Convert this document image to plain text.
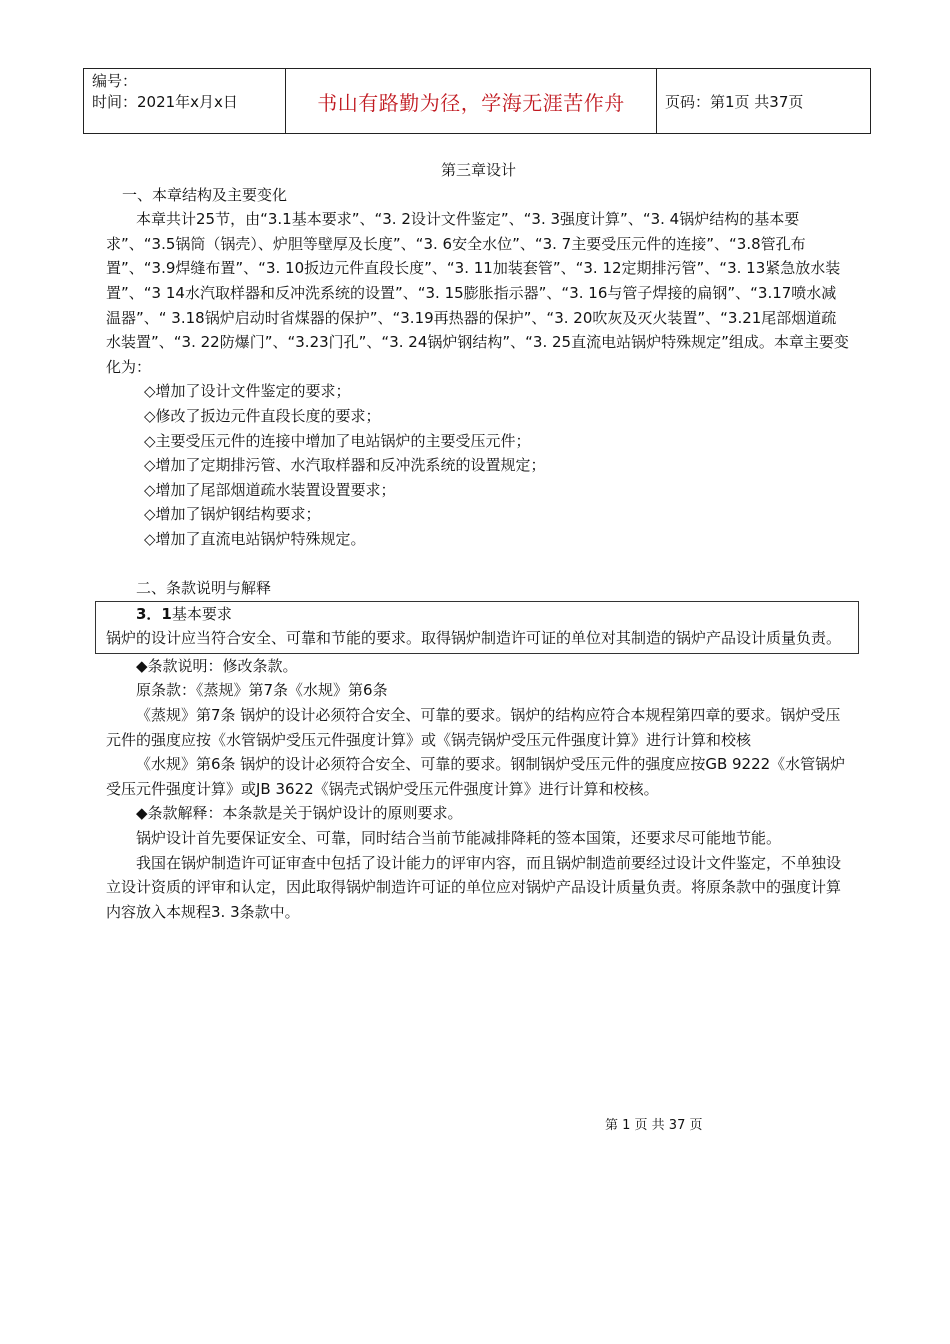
编号：
时间：2021年x月x日	书山有路勤为径，学海无涯苦作舟	页码：第1页 共37页

第三章设计

一、本章结构及主要变化

本章共计25节，由“3.1基本要求”、“3. 2设计文件鉴定”、“3. 3强度计算”、“3. 4锅炉结构的基本要求”、“3.5锅筒（锅壳）、炉胆等壁厚及长度”、“3. 6安全水位”、“3. 7主要受压元件的连接”、“3.8管孔布置”、“3.9焊缝布置”、“3. 10扳边元件直段长度”、“3. 11加装套管”、“3. 12定期排污管”、“3. 13紧急放水装置”、“3 14水汽取样器和反冲洗系统的设置”、“3. 15膨胀指示器”、“3. 16与管子焊接的扁钢”、“3.17喷水减温器”、“ 3.18锅炉启动时省煤器的保护”、“3.19再热器的保护”、“3. 20吹灰及灭火装置”、“3.21尾部烟道疏水装置”、“3. 22防爆门”、“3.23门孔”、“3. 24锅炉钢结构”、“3. 25直流电站锅炉特殊规定”组成。本章主要变化为：

◇增加了设计文件鉴定的要求；

◇修改了扳边元件直段长度的要求；

◇主要受压元件的连接中增加了电站锅炉的主要受压元件；

◇增加了定期排污管、水汽取样器和反冲洗系统的设置规定；

◇增加了尾部烟道疏水装置设置要求；

◇增加了锅炉钢结构要求；

◇增加了直流电站锅炉特殊规定。

二、条款说明与解释

3．1基本要求

锅炉的设计应当符合安全、可靠和节能的要求。取得锅炉制造许可证的单位对其制造的锅炉产品设计质量负责。

◆条款说明：修改条款。

原条款：《蒸规》第7条《水规》第6条

《蒸规》第7条 锅炉的设计必须符合安全、可靠的要求。锅炉的结构应符合本规程第四章的要求。锅炉受压元件的强度应按《水管锅炉受压元件强度计算》或《锅壳锅炉受压元件强度计算》进行计算和校核

《水规》第6条 锅炉的设计必须符合安全、可靠的要求。钢制锅炉受压元件的强度应按GB 9222《水管锅炉受压元件强度计算》或JB 3622《锅壳式锅炉受压元件强度计算》进行计算和校核。

◆条款解释：本条款是关于锅炉设计的原则要求。

锅炉设计首先要保证安全、可靠，同时结合当前节能减排降耗的签本国策，还要求尽可能地节能。

我国在锅炉制造许可证审查中包括了设计能力的评审内容，而且锅炉制造前要经过设计文件鉴定，不单独设立设计资质的评审和认定，因此取得锅炉制造许可证的单位应对锅炉产品设计质量负责。将原条款中的强度计算内容放入本规程3. 3条款中。

第 1 页 共 37 页
